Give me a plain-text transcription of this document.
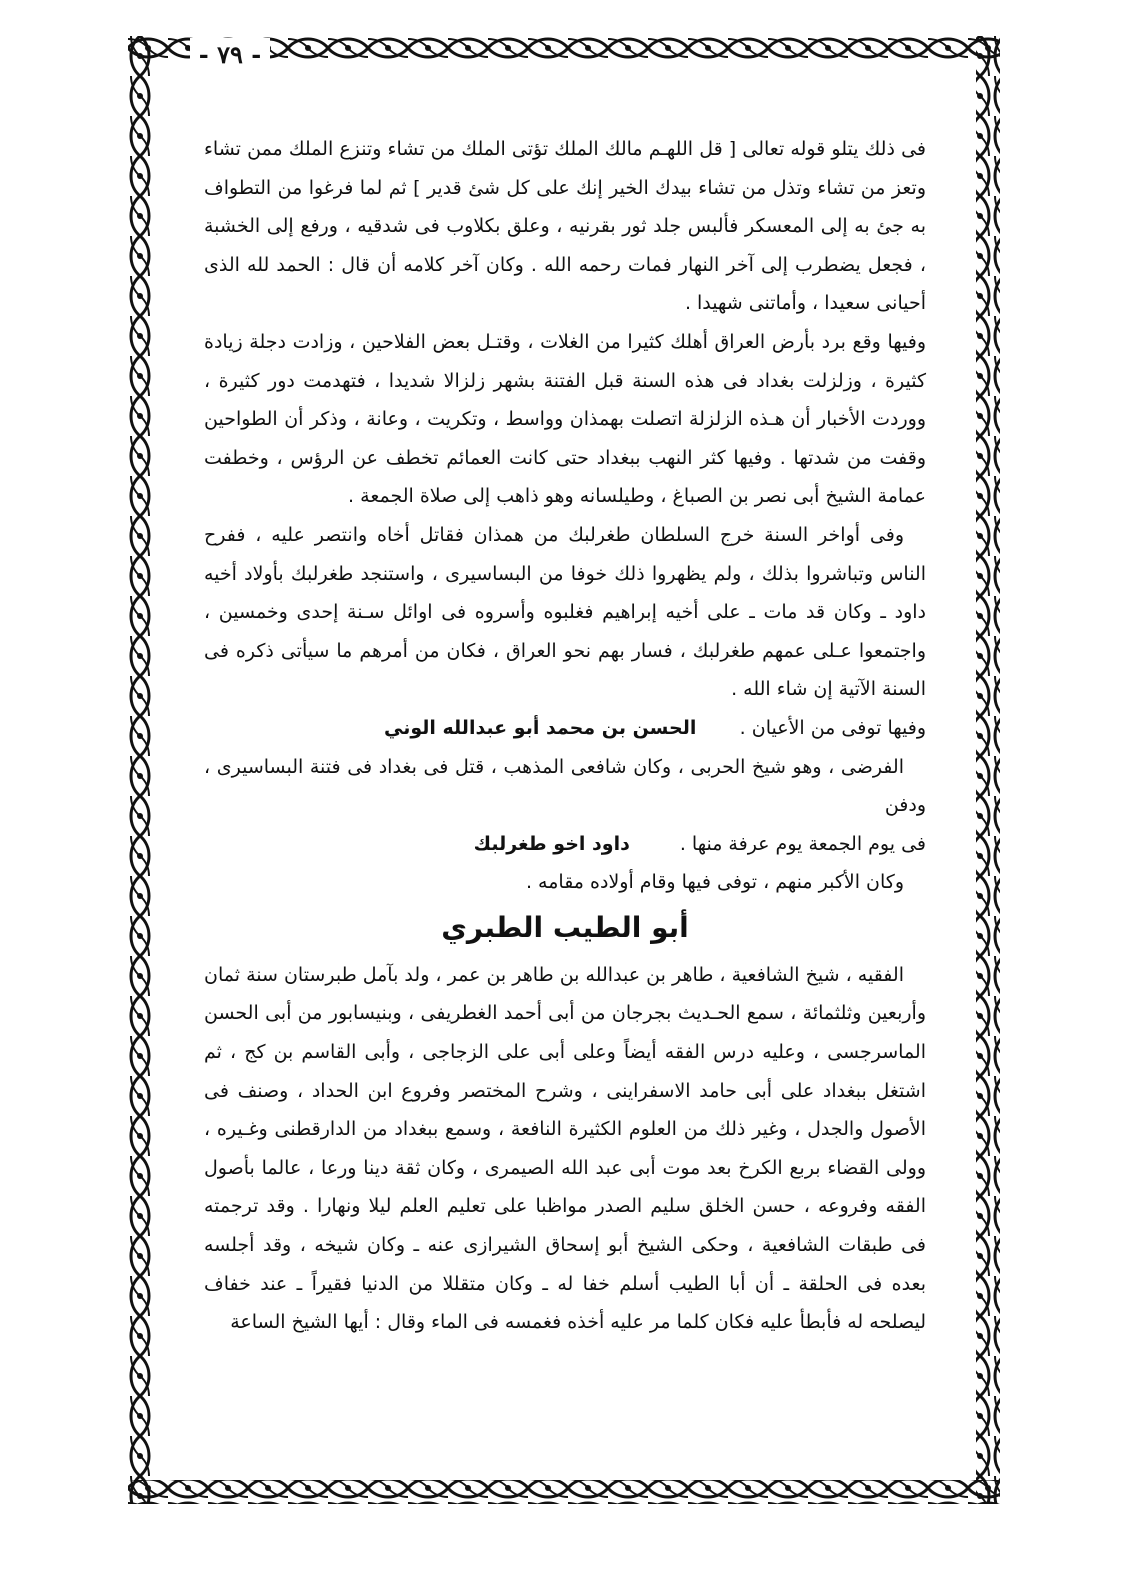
- ٧٩ -

فى ذلك يتلو قوله تعالى [ قل اللهـم مالك الملك تؤتى الملك من تشاء وتنزع الملك ممن تشاء وتعز من تشاء وتذل من تشاء بيدك الخير إنك على كل شئ قدير ] ثم لما فرغوا من التطواف به جئ به إلى المعسكر فألبس جلد ثور بقرنيه ، وعلق بكلاوب فى شدقيه ، ورفع إلى الخشبة ، فجعل يضطرب إلى آخر النهار فمات رحمه الله . وكان آخر كلامه أن قال : الحمد لله الذى أحيانى سعيدا ، وأماتنى شهيدا .

وفيها وقع برد بأرض العراق أهلك كثيرا من الغلات ، وقتـل بعض الفلاحين ، وزادت دجلة زيادة كثيرة ، وزلزلت بغداد فى هذه السنة قبل الفتنة بشهر زلزالا شديدا ، فتهدمت دور كثيرة ، ووردت الأخبار أن هـذه الزلزلة اتصلت بهمذان وواسط ، وتكريت ، وعانة ، وذكر أن الطواحين وقفت من شدتها . وفيها كثر النهب ببغداد حتى كانت العمائم تخطف عن الرؤس ، وخطفت عمامة الشيخ أبى نصر بن الصباغ ، وطيلسانه وهو ذاهب إلى صلاة الجمعة .

وفى أواخر السنة خرج السلطان طغرلبك من همذان فقاتل أخاه وانتصر عليه ، ففرح الناس وتباشروا بذلك ، ولم يظهروا ذلك خوفا من البساسيرى ، واستنجد طغرلبك بأولاد أخيه داود ـ وكان قد مات ـ على أخيه إبراهيم فغلبوه وأسروه فى اوائل سـنة إحدى وخمسين ، واجتمعوا عـلى عمهم طغرلبك ، فسار بهم نحو العراق ، فكان من أمرهم ما سيأتى ذكره فى السنة الآتية إن شاء الله .

وفيها توفى من الأعيان .
الحسن بن محمد أبو عبدالله الوني

الفرضى ، وهو شيخ الحربى ، وكان شافعى المذهب ، قتل فى بغداد فى فتنة البساسيرى ، ودفن

فى يوم الجمعة يوم عرفة منها .
داود اخو طغرلبك

وكان الأكبر منهم ، توفى فيها وقام أولاده مقامه .

أبو الطيب الطبري

الفقيه ، شيخ الشافعية ، طاهر بن عبدالله بن طاهر بن عمر ، ولد بآمل طبرستان سنة ثمان وأربعين وثلثمائة ، سمع الحـديث بجرجان من أبى أحمد الغطريفى ، وبنيسابور من أبى الحسن الماسرجسى ، وعليه درس الفقه أيضاً وعلى أبى على الزجاجى ، وأبى القاسم بن كج ، ثم اشتغل ببغداد على أبى حامد الاسفراينى ، وشرح المختصر وفروع ابن الحداد ، وصنف فى الأصول والجدل ، وغير ذلك من العلوم الكثيرة النافعة ، وسمع ببغداد من الدارقطنى وغـيره ، وولى القضاء بربع الكرخ بعد موت أبى عبد الله الصيمرى ، وكان ثقة دينا ورعا ، عالما بأصول الفقه وفروعه ، حسن الخلق سليم الصدر مواظبا على تعليم العلم ليلا ونهارا . وقد ترجمته فى طبقات الشافعية ، وحكى الشيخ أبو إسحاق الشيرازى عنه ـ وكان شيخه ، وقد أجلسه بعده فى الحلقة ـ أن أبا الطيب أسلم خفا له ـ وكان متقللا من الدنيا فقيراً ـ عند خفاف ليصلحه له فأبطأ عليه فكان كلما مر عليه أخذه فغمسه فى الماء وقال : أيها الشيخ الساعة
